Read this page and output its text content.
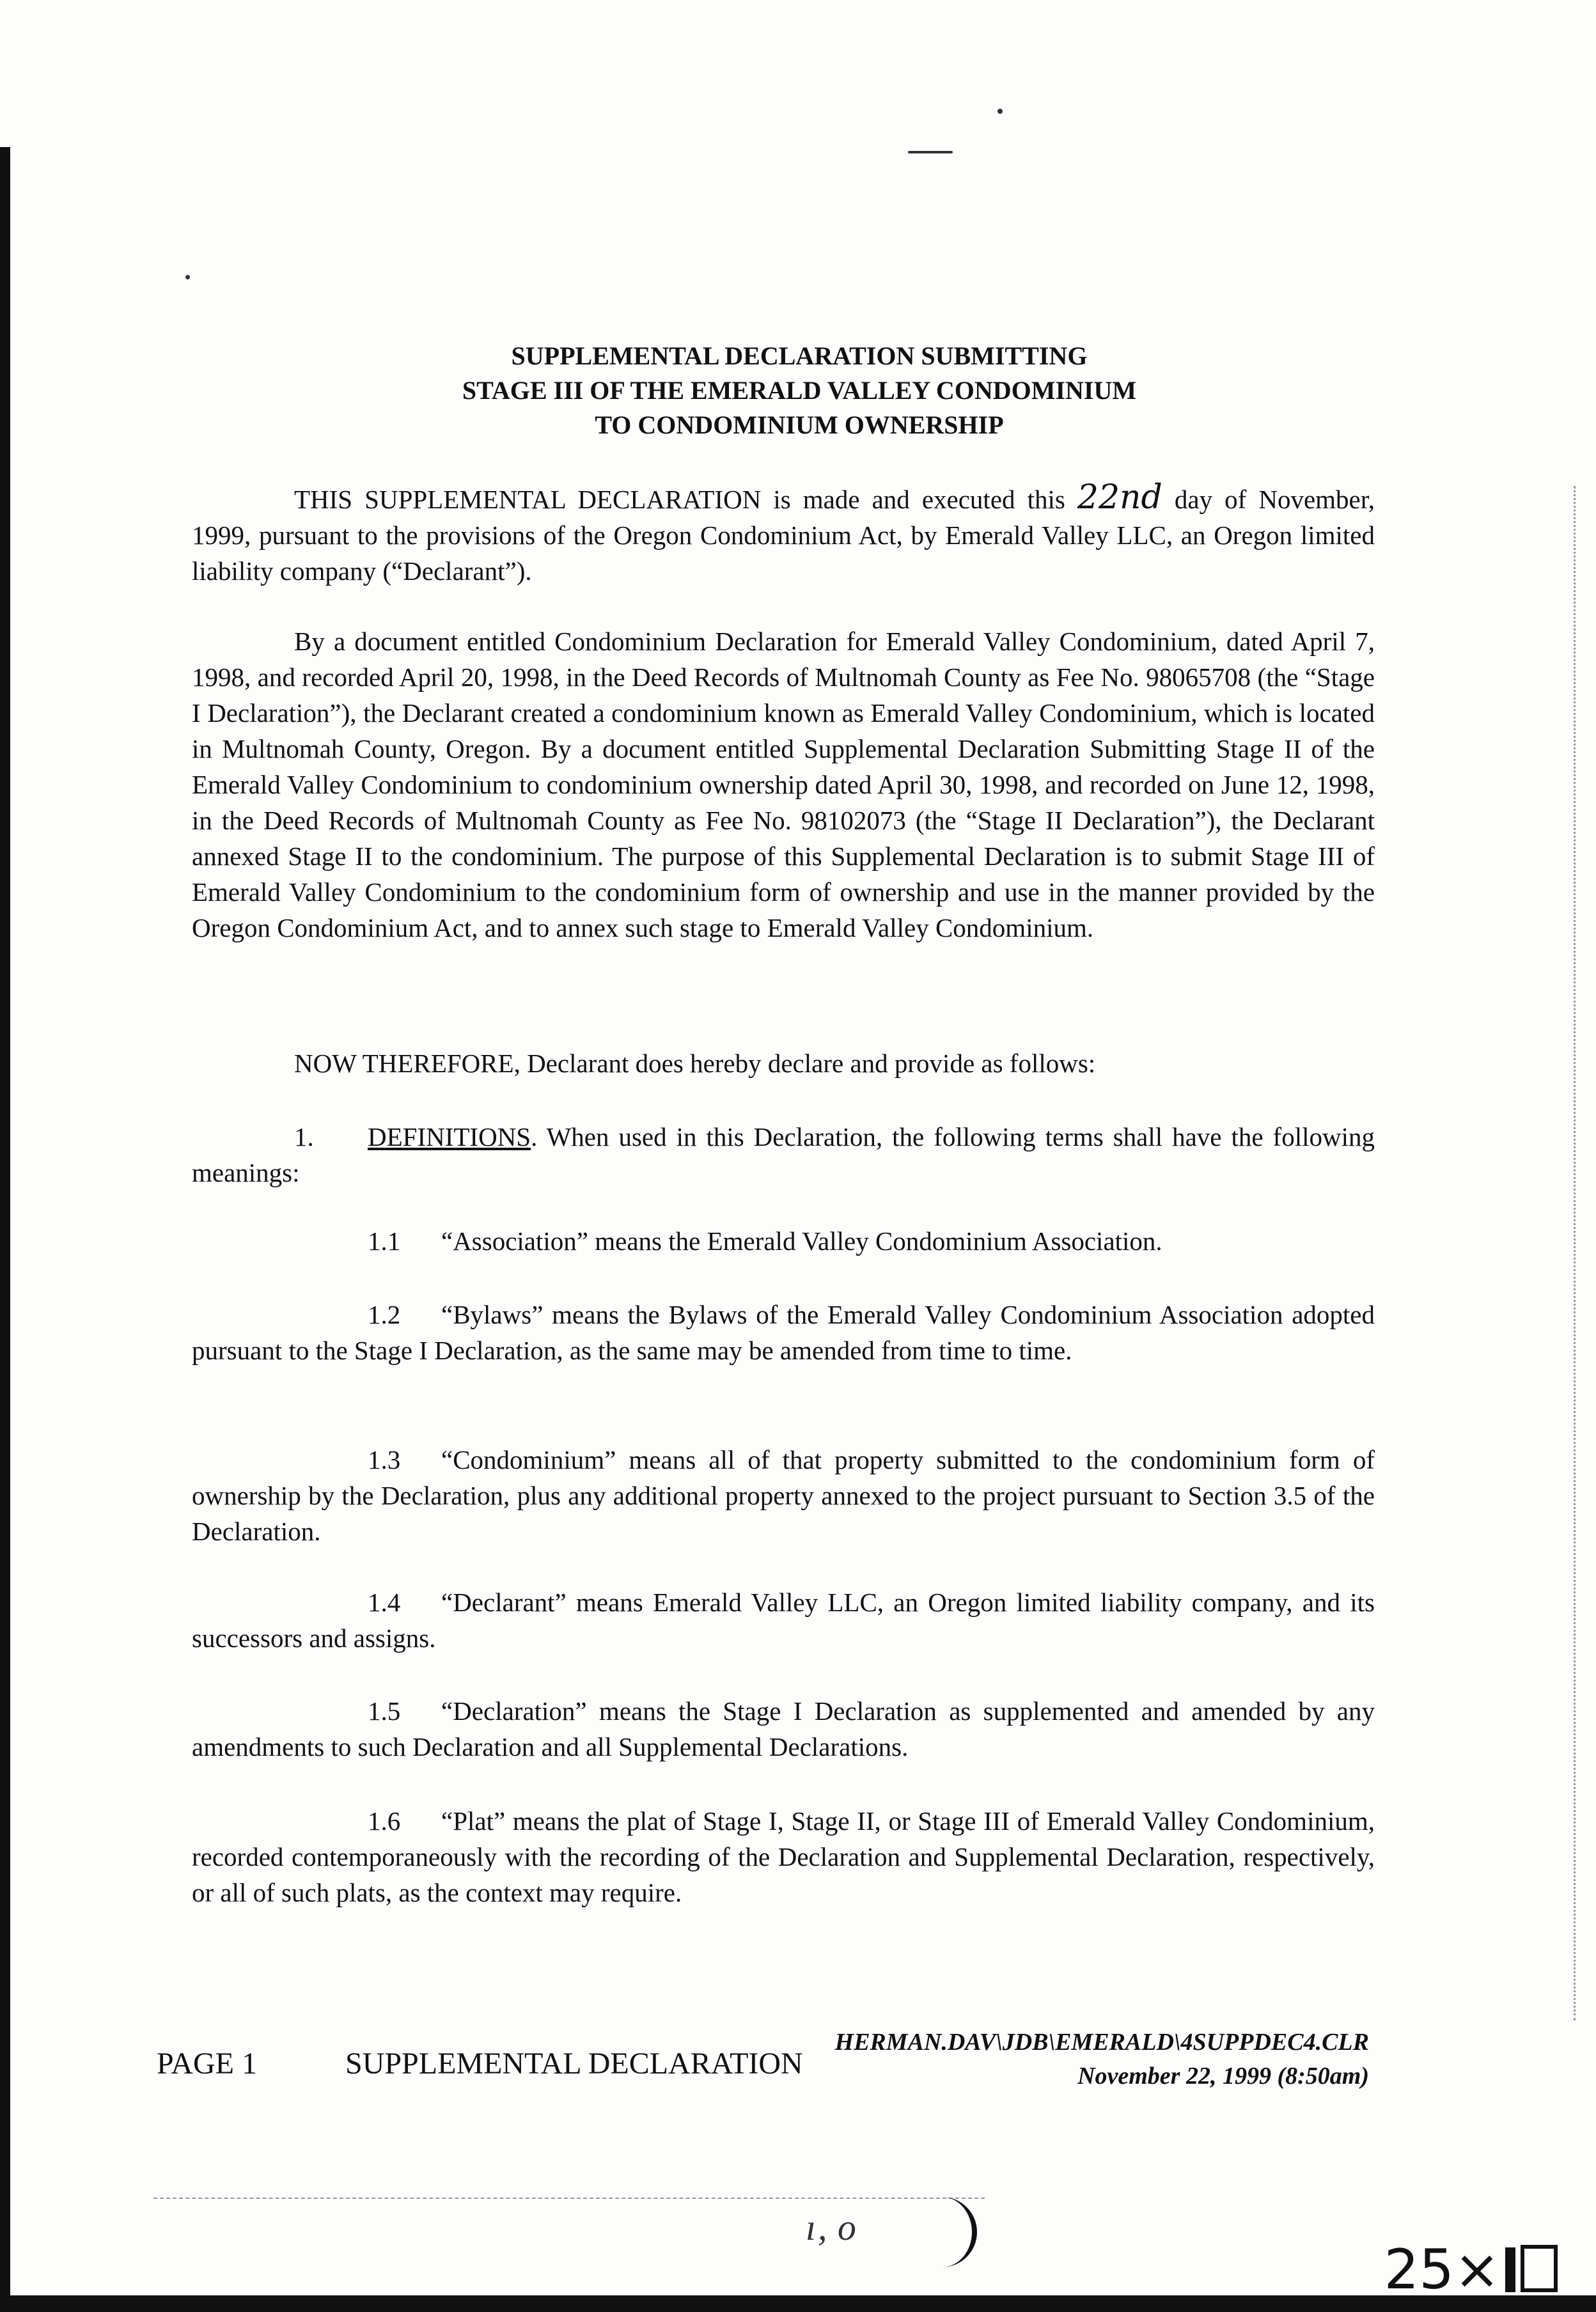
SUPPLEMENTAL DECLARATION SUBMITTING
STAGE III OF THE EMERALD VALLEY CONDOMINIUM
TO CONDOMINIUM OWNERSHIP
THIS SUPPLEMENTAL DECLARATION is made and executed this 22nd day of November, 1999, pursuant to the provisions of the Oregon Condominium Act, by Emerald Valley LLC, an Oregon limited liability company (“Declarant”).
By a document entitled Condominium Declaration for Emerald Valley Condominium, dated April 7, 1998, and recorded April 20, 1998, in the Deed Records of Multnomah County as Fee No. 98065708 (the “Stage I Declaration”), the Declarant created a condominium known as Emerald Valley Condominium, which is located in Multnomah County, Oregon. By a document entitled Supplemental Declaration Submitting Stage II of the Emerald Valley Condominium to condominium ownership dated April 30, 1998, and recorded on June 12, 1998, in the Deed Records of Multnomah County as Fee No. 98102073 (the “Stage II Declaration”), the Declarant annexed Stage II to the condominium. The purpose of this Supplemental Declaration is to submit Stage III of Emerald Valley Condominium to the condominium form of ownership and use in the manner provided by the Oregon Condominium Act, and to annex such stage to Emerald Valley Condominium.
NOW THEREFORE, Declarant does hereby declare and provide as follows:
1. DEFINITIONS. When used in this Declaration, the following terms shall have the following meanings:
1.1 “Association” means the Emerald Valley Condominium Association.
1.2 “Bylaws” means the Bylaws of the Emerald Valley Condominium Association adopted pursuant to the Stage I Declaration, as the same may be amended from time to time.
1.3 “Condominium” means all of that property submitted to the condominium form of ownership by the Declaration, plus any additional property annexed to the project pursuant to Section 3.5 of the Declaration.
1.4 “Declarant” means Emerald Valley LLC, an Oregon limited liability company, and its successors and assigns.
1.5 “Declaration” means the Stage I Declaration as supplemented and amended by any amendments to such Declaration and all Supplemental Declarations.
1.6 “Plat” means the plat of Stage I, Stage II, or Stage III of Emerald Valley Condominium, recorded contemporaneously with the recording of the Declaration and Supplemental Declaration, respectively, or all of such plats, as the context may require.
PAGE 1	SUPPLEMENTAL DECLARATION
HERMAN.DAV\JDB\EMERALD\4SUPPDEC4.CLR
November 22, 1999 (8:50am)
ı‚ o
25×
